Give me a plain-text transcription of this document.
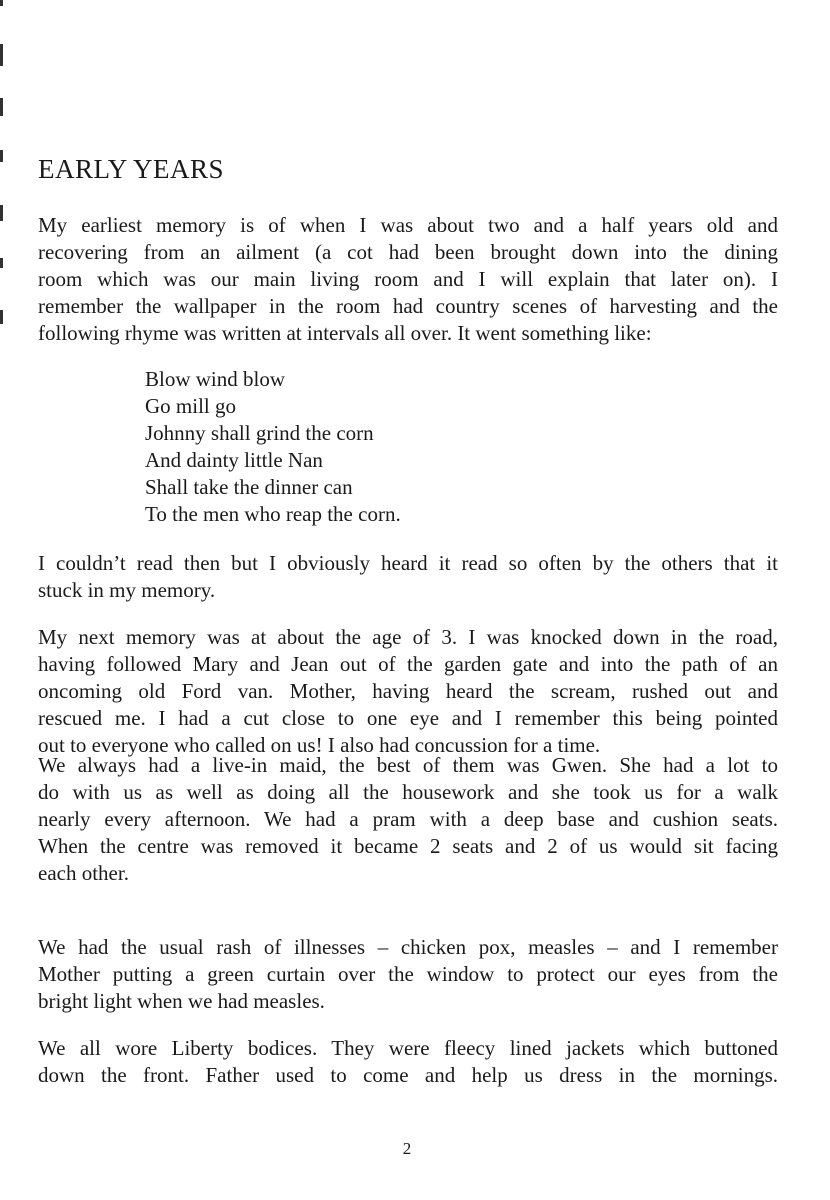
EARLY YEARS

My earliest memory is of when I was about two and a half years old and
recovering from an ailment (a cot had been brought down into the dining
room which was our main living room and I will explain that later on). I
remember the wallpaper in the room had country scenes of harvesting and the
following rhyme was written at intervals all over. It went something like:

Blow wind blow
Go mill go
Johnny shall grind the corn
And dainty little Nan
Shall take the dinner can
To the men who reap the corn.

I couldn’t read then but I obviously heard it read so often by the others that it
stuck in my memory.

My next memory was at about the age of 3. I was knocked down in the road,
having followed Mary and Jean out of the garden gate and into the path of an
oncoming old Ford van. Mother, having heard the scream, rushed out and
rescued me. I had a cut close to one eye and I remember this being pointed
out to everyone who called on us! I also had concussion for a time.

We always had a live-in maid, the best of them was Gwen. She had a lot to
do with us as well as doing all the housework and she took us for a walk
nearly every afternoon. We had a pram with a deep base and cushion seats.
When the centre was removed it became 2 seats and 2 of us would sit facing
each other.

We had the usual rash of illnesses – chicken pox, measles – and I remember
Mother putting a green curtain over the window to protect our eyes from the
bright light when we had measles.

We all wore Liberty bodices. They were fleecy lined jackets which buttoned
down the front. Father used to come and help us dress in the mornings.

2
